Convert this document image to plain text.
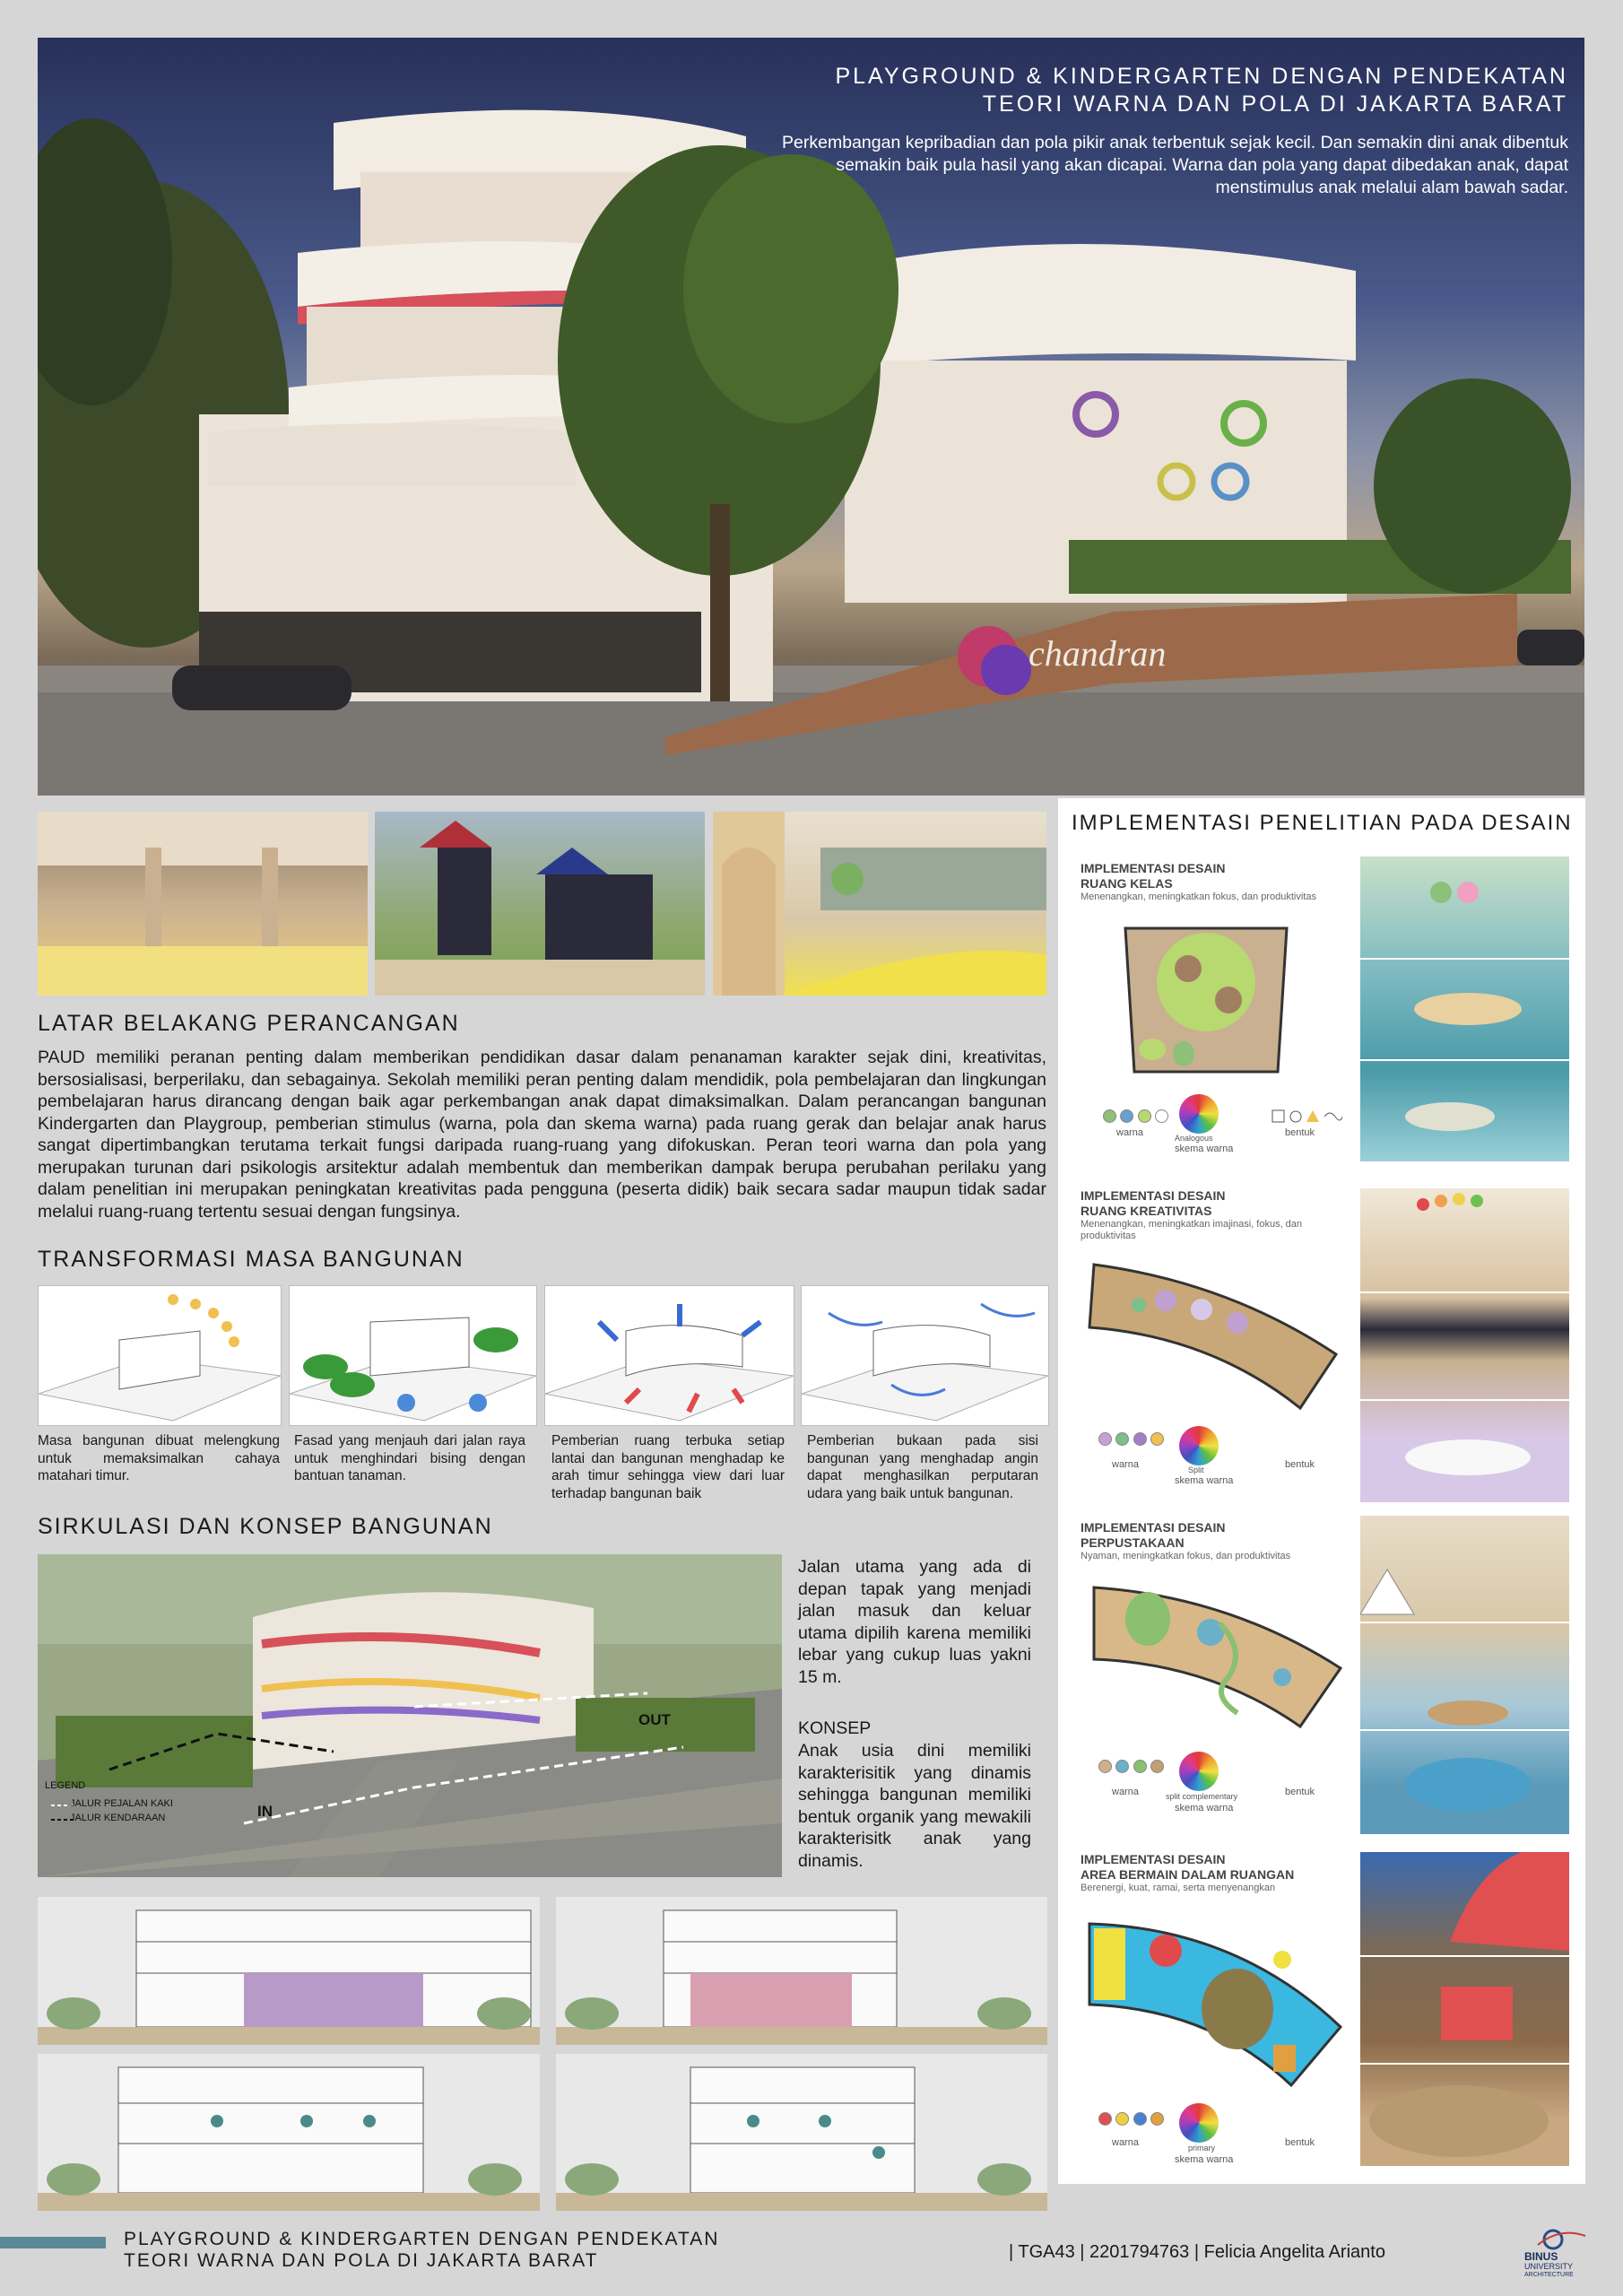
chandran
PLAYGROUND & KINDERGARTEN DENGAN PENDEKATAN
TEORI WARNA DAN POLA DI JAKARTA BARAT
Perkembangan kepribadian dan pola pikir anak terbentuk sejak kecil. Dan semakin dini anak dibentuk semakin baik pula hasil yang akan dicapai. Warna dan pola yang dapat dibedakan anak, dapat menstimulus anak melalui alam bawah sadar.
LATAR BELAKANG PERANCANGAN
PAUD memiliki peranan penting dalam memberikan pendidikan dasar dalam penanaman karakter sejak dini, kreativitas, bersosialisasi, berperilaku, dan sebagainya. Sekolah memiliki peran penting dalam mendidik, pola pembelajaran dan lingkungan pembelajaran harus dirancang dengan baik agar perkembangan anak dapat dimaksimalkan. Dalam perancangan bangunan Kindergarten dan Playgroup, pemberian stimulus (warna, pola dan skema warna) pada ruang gerak dan belajar anak harus sangat dipertimbangkan terutama terkait fungsi daripada ruang-ruang yang difokuskan. Peran teori warna dan pola yang merupakan turunan dari psikologis arsitektur adalah membentuk dan memberikan dampak berupa perubahan perilaku yang dalam penelitian ini merupakan peningkatan kreativitas pada pengguna (peserta didik) baik secara sadar maupun tidak sadar melalui ruang-ruang tertentu sesuai dengan fungsinya.
TRANSFORMASI MASA BANGUNAN
Masa bangunan dibuat melengkung untuk memaksimalkan cahaya matahari timur.
Fasad yang menjauh dari jalan raya untuk menghindari bising dengan bantuan tanaman.
Pemberian ruang terbuka setiap lantai dan bangunan menghadap ke arah timur sehingga view dari luar terhadap bangunan baik
Pemberian bukaan pada sisi bangunan yang menghadap angin dapat menghasilkan perputaran udara yang baik untuk bangunan.
SIRKULASI DAN KONSEP BANGUNAN
OUT
IN
LEGEND
JALUR PEJALAN KAKI
JALUR KENDARAAN
Jalan utama yang ada di depan tapak yang menjadi jalan masuk dan keluar utama dipilih karena memiliki lebar yang cukup luas yakni 15 m.
KONSEP
Anak usia dini memiliki karakterisitik yang dinamis sehingga bangunan memiliki bentuk organik yang mewakili karakterisitk anak yang dinamis.
IMPLEMENTASI PENELITIAN PADA DESAIN
IMPLEMENTASI DESAIN
RUANG KELAS
Menenangkan, meningkatkan fokus, dan produktivitas

Analogous
warna
skema warna
bentuk
IMPLEMENTASI DESAIN
RUANG KREATIVITAS
Menenangkan, meningkatkan imajinasi, fokus, dan produktivitas

Split
warna
skema warna
bentuk
IMPLEMENTASI DESAIN
PERPUSTAKAAN
Nyaman, meningkatkan fokus, dan produktivitas

split complementary
warna
skema warna
bentuk
IMPLEMENTASI DESAIN
AREA BERMAIN DALAM RUANGAN
Berenergi, kuat, ramai, serta menyenangkan

primary
warna
skema warna
bentuk
PLAYGROUND & KINDERGARTEN DENGAN PENDEKATAN
TEORI WARNA DAN POLA DI JAKARTA BARAT	| TGA43 | 2201794763 | Felicia Angelita Arianto	BINUS
UNIVERSITY
ARCHITECTURE
